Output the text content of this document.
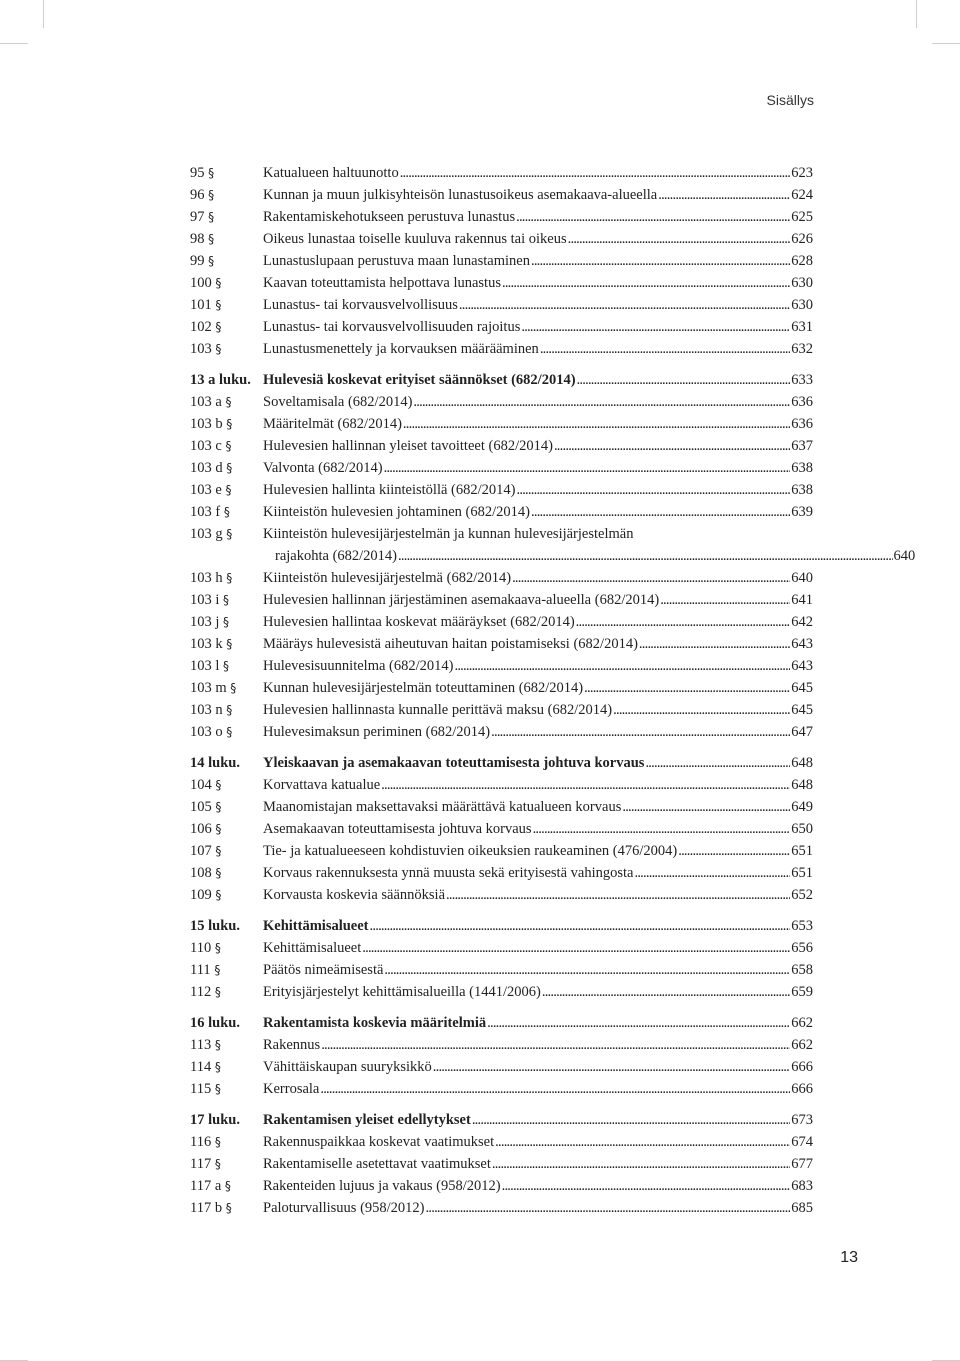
Sisällys
95 §	Katualueen haltuunotto . . .	623
96 §	Kunnan ja muun julkisyhteisön lunastusoikeus asemakaava-alueella . . .	624
97 §	Rakentamiskehotukseen perustuva lunastus . . .	625
98 §	Oikeus lunastaa toiselle kuuluva rakennus tai oikeus . . .	626
99 §	Lunastuslupaan perustuva maan lunastaminen . . .	628
100 §	Kaavan toteuttamista helpottava lunastus . . .	630
101 §	Lunastus- tai korvausvelvollisuus . . .	630
102 §	Lunastus- tai korvausvelvollisuuden rajoitus . . .	631
103 §	Lunastusmenettely ja korvauksen määrääminen . . .	632
13 a luku. Hulevesiä koskevat erityiset säännökset (682/2014) . . .	633
103 a §	Soveltamisala (682/2014) . . .	636
103 b §	Määritelmät (682/2014) . . .	636
103 c §	Hulevesien hallinnan yleiset tavoitteet (682/2014) . . .	637
103 d §	Valvonta (682/2014) . . .	638
103 e §	Hulevesien hallinta kiinteistöllä (682/2014) . . .	638
103 f §	Kiinteistön hulevesien johtaminen (682/2014) . . .	639
103 g §	Kiinteistön hulevesijärjestelmän ja kunnan hulevesijärjestelmän
rajakohta (682/2014) . . .	640
103 h §	Kiinteistön hulevesijärjestelmä (682/2014) . . .	640
103 i §	Hulevesien hallinnan järjestäminen asemakaava-alueella (682/2014) . . .	641
103 j §	Hulevesien hallintaa koskevat määräykset (682/2014) . . .	642
103 k §	Määräys hulevesistä aiheutuvan haitan poistamiseksi (682/2014) . . .	643
103 l §	Hulevesisuunnitelma (682/2014) . . .	643
103 m §	Kunnan hulevesijärjestelmän toteuttaminen (682/2014) . . .	645
103 n §	Hulevesien hallinnasta kunnalle perittävä maksu (682/2014) . . .	645
103 o §	Hulevesimaksun periminen (682/2014) . . .	647
14 luku.	Yleiskaavan ja asemakaavan toteuttamisesta johtuva korvaus . . .	648
104 §	Korvattava katualue . . .	648
105 §	Maanomistajan maksettavaksi määrättävä katualueen korvaus . . .	649
106 §	Asemakaavan toteuttamisesta johtuva korvaus . . .	650
107 §	Tie- ja katualueeseen kohdistuvien oikeuksien raukeaminen (476/2004) . . .	651
108 §	Korvaus rakennuksesta ynnä muusta sekä erityisestä vahingosta . . .	651
109 §	Korvausta koskevia säännöksiä . . .	652
15 luku.	Kehittämisalueet . . .	653
110 §	Kehittämisalueet . . .	656
111 §	Päätös nimeämisestä . . .	658
112 §	Erityisjärjestelyt kehittämisalueilla (1441/2006) . . .	659
16 luku.	Rakentamista koskevia määritelmiä . . .	662
113 §	Rakennus . . .	662
114 §	Vähittäiskaupan suuryksikkö . . .	666
115 §	Kerrosala . . .	666
17 luku.	Rakentamisen yleiset edellytykset . . .	673
116 §	Rakennuspaikkaa koskevat vaatimukset . . .	674
117 §	Rakentamiselle asetettavat vaatimukset . . .	677
117 a §	Rakenteiden lujuus ja vakaus (958/2012) . . .	683
117 b §	Paloturvallisuus (958/2012) . . .	685
13
